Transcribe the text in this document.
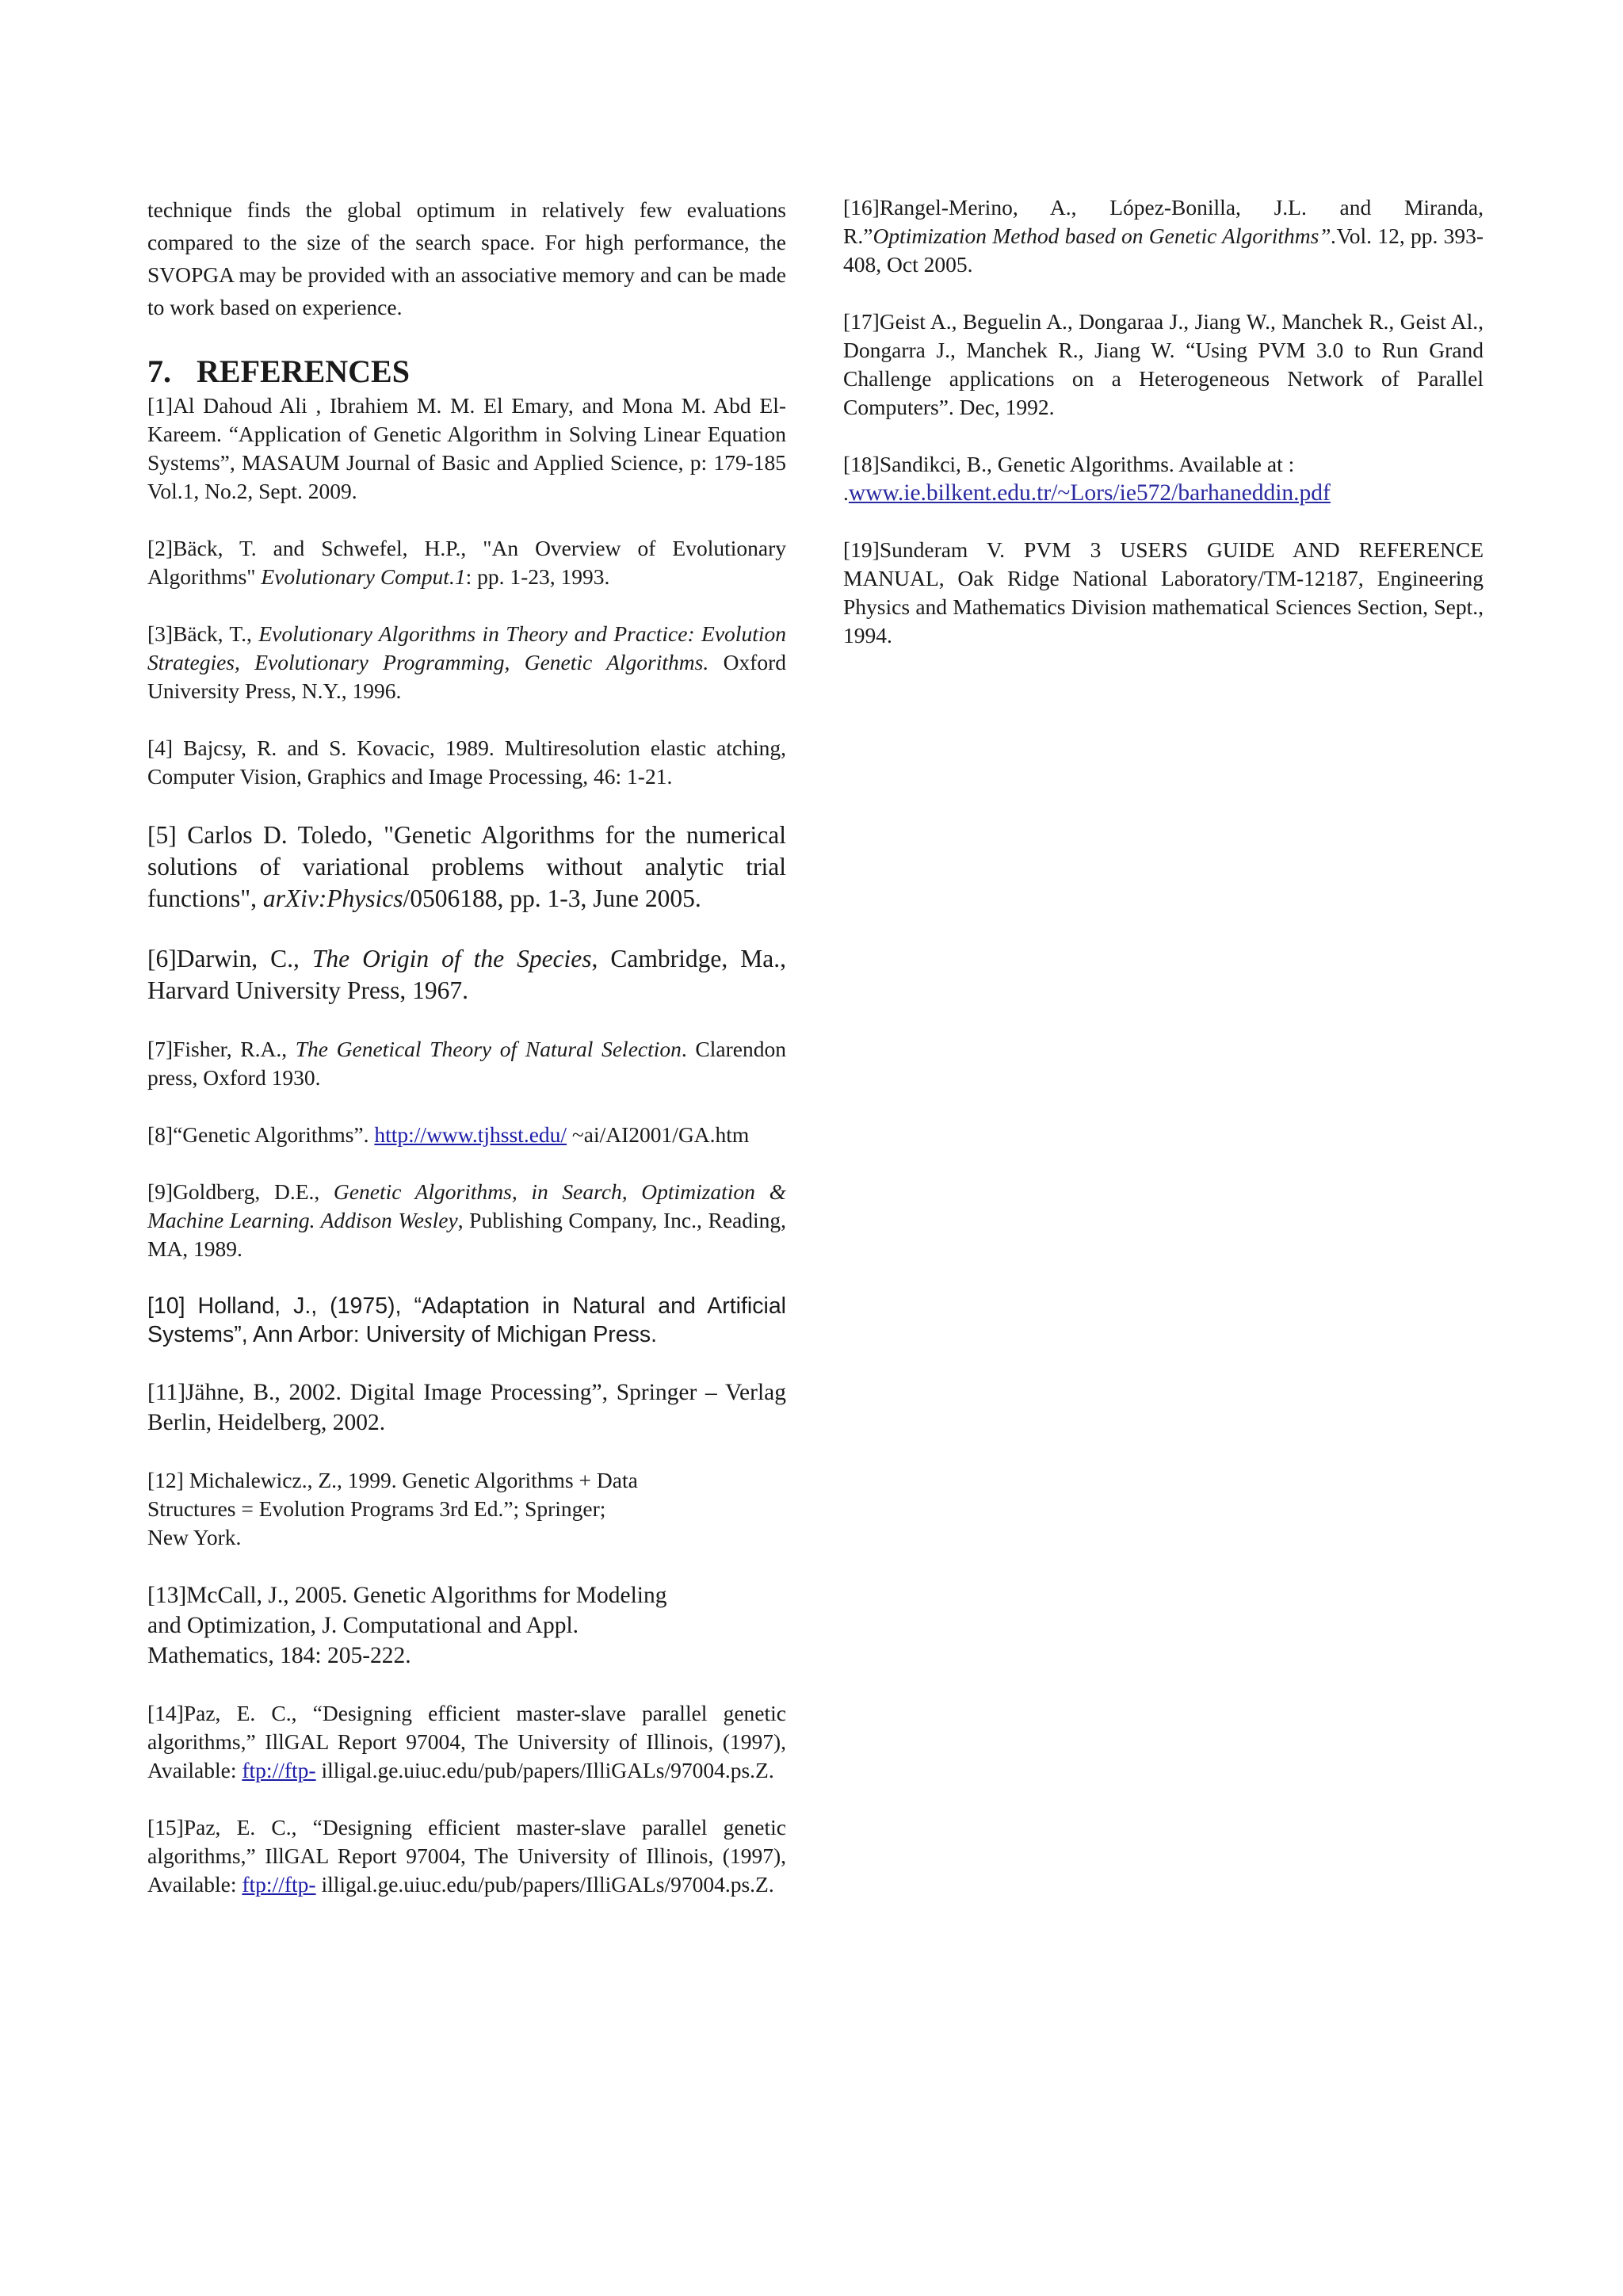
technique finds the global optimum in relatively few evaluations compared to the size of the search space. For high performance, the SVOPGA may be provided with an associative memory and can be made to work based on experience.

7. REFERENCES

[1]Al Dahoud Ali , Ibrahiem M. M. El Emary, and Mona M. Abd El-Kareem. “Application of Genetic Algorithm in Solving Linear Equation Systems”, MASAUM Journal of Basic and Applied Science, p: 179-185 Vol.1, No.2, Sept. 2009.

[2]Bäck, T. and Schwefel, H.P., "An Overview of Evolutionary Algorithms" Evolutionary Comput.1: pp. 1-23, 1993.

[3]Bäck, T., Evolutionary Algorithms in Theory and Practice: Evolution Strategies, Evolutionary Programming, Genetic Algorithms. Oxford University Press, N.Y., 1996.

[4] Bajcsy, R. and S. Kovacic, 1989. Multiresolution elastic atching, Computer Vision, Graphics and Image Processing, 46: 1-21.

[5] Carlos D. Toledo, "Genetic Algorithms for the numerical solutions of variational problems without analytic trial functions", arXiv:Physics/0506188, pp. 1-3, June 2005.

[6]Darwin, C., The Origin of the Species, Cambridge, Ma., Harvard University Press, 1967.

[7]Fisher, R.A., The Genetical Theory of Natural Selection. Clarendon press, Oxford 1930.

[8]“Genetic Algorithms”. http://www.tjhsst.edu/ ~ai/AI2001/GA.htm

[9]Goldberg, D.E., Genetic Algorithms, in Search, Optimization & Machine Learning. Addison Wesley, Publishing Company, Inc., Reading, MA, 1989.

[10] Holland, J., (1975), “Adaptation in Natural and Artificial Systems”, Ann Arbor: University of Michigan Press.

[11]Jähne, B., 2002. Digital Image Processing”, Springer – Verlag Berlin, Heidelberg, 2002.

[12] Michalewicz., Z., 1999. Genetic Algorithms + Data
Structures = Evolution Programs 3rd Ed.”; Springer;
New York.

[13]McCall, J., 2005. Genetic Algorithms for Modeling
and Optimization, J. Computational and Appl.
Mathematics, 184: 205-222.

[14]Paz, E. C., “Designing efficient master-slave parallel genetic algorithms,” IllGAL Report 97004, The University of Illinois, (1997), Available: ftp://ftp- illigal.ge.uiuc.edu/pub/papers/IlliGALs/97004.ps.Z.

[15]Paz, E. C., “Designing efficient master-slave parallel genetic algorithms,” IllGAL Report 97004, The University of Illinois, (1997), Available: ftp://ftp- illigal.ge.uiuc.edu/pub/papers/IlliGALs/97004.ps.Z.

[16]Rangel-Merino, A., López-Bonilla, J.L. and Miranda, R.”Optimization Method based on Genetic Algorithms”.Vol. 12, pp. 393-408, Oct 2005.

[17]Geist A., Beguelin A., Dongaraa J., Jiang W., Manchek R., Geist Al., Dongarra J., Manchek R., Jiang W. “Using PVM 3.0 to Run Grand Challenge applications on a Heterogeneous Network of Parallel Computers”. Dec, 1992.

[18]Sandikci, B., Genetic Algorithms. Available at :
.www.ie.bilkent.edu.tr/~Lors/ie572/barhaneddin.pdf

[19]Sunderam V. PVM 3 USERS GUIDE AND REFERENCE MANUAL, Oak Ridge National Laboratory/TM-12187, Engineering Physics and Mathematics Division mathematical Sciences Section, Sept., 1994.
